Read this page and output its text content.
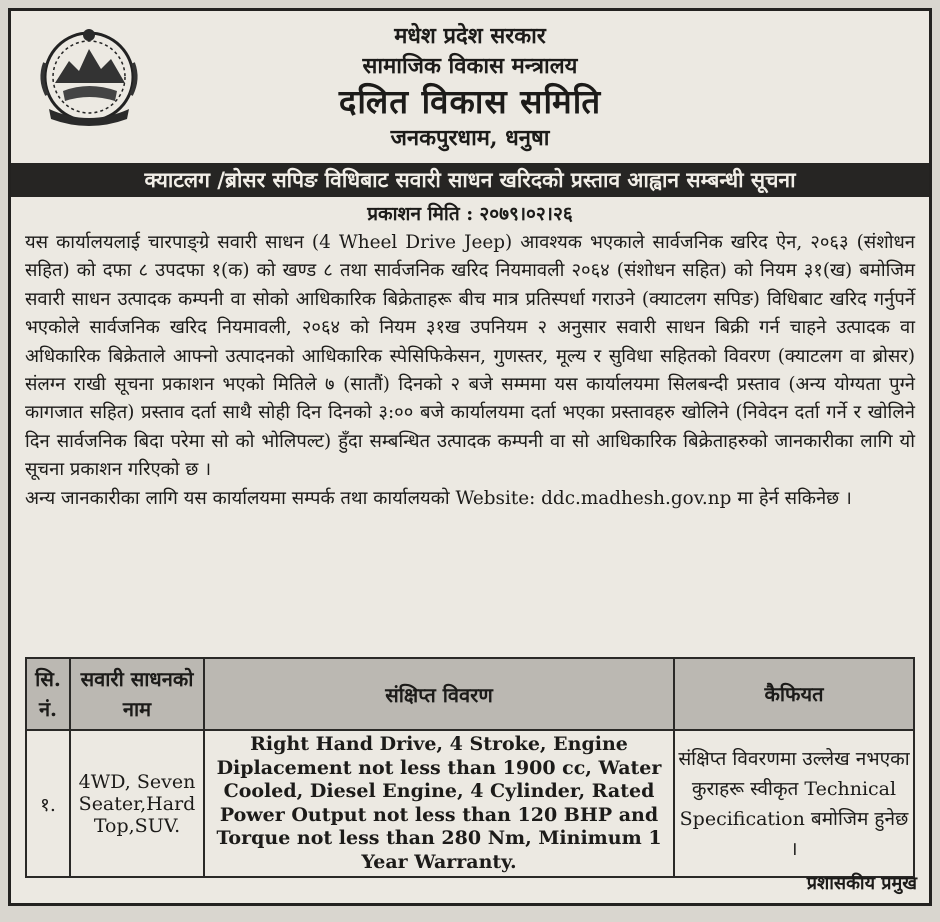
मधेश प्रदेश सरकार
सामाजिक विकास मन्त्रालय
दलित विकास समिति
जनकपुरधाम, धनुषा
क्याटलग /ब्रोसर सपिङ विधिबाट सवारी साधन खरिदको प्रस्ताव आह्वान सम्बन्धी सूचना
प्रकाशन मिति : २०७९।०२।२६

यस कार्यालयलाई चारपाङ्ग्रे सवारी साधन (4 Wheel Drive Jeep) आवश्यक भएकाले सार्वजनिक खरिद ऐन, २०६३ (संशोधन सहित) को दफा ८ उपदफा १(क) को खण्ड ८ तथा सार्वजनिक खरिद नियमावली २०६४ (संशोधन सहित) को नियम ३१(ख) बमोजिम सवारी साधन उत्पादक कम्पनी वा सोको आधिकारिक बिक्रेताहरू बीच मात्र प्रतिस्पर्धा गराउने (क्याटलग सपिङ) विधिबाट खरिद गर्नुपर्ने भएकोले सार्वजनिक खरिद नियमावली, २०६४ को नियम ३१ख उपनियम २ अनुसार सवारी साधन बिक्री गर्न चाहने उत्पादक वा अधिकारिक बिक्रेताले आफ्नो उत्पादनको आधिकारिक स्पेसिफिकेसन, गुणस्तर, मूल्य र सुविधा सहितको विवरण (क्याटलग वा ब्रोसर) संलग्न राखी सूचना प्रकाशन भएको मितिले ७ (सातौं) दिनको २ बजे सम्ममा यस कार्यालयमा सिलबन्दी प्रस्ताव (अन्य योग्यता पुग्ने कागजात सहित) प्रस्ताव दर्ता साथै सोही दिन दिनको ३:०० बजे कार्यालयमा दर्ता भएका प्रस्तावहरु खोलिने (निवेदन दर्ता गर्ने र खोलिने दिन सार्वजनिक बिदा परेमा सो को भोलिपल्ट) हुँदा सम्बन्धित उत्पादक कम्पनी वा सो आधिकारिक बिक्रेताहरुको जानकारीका लागि यो सूचना प्रकाशन गरिएको छ ।

अन्य जानकारीका लागि यस कार्यालयमा सम्पर्क तथा कार्यालयको Website: ddc.madhesh.gov.np मा हेर्न सकिनेछ ।

सि. नं.	सवारी साधनको नाम	संक्षिप्त विवरण	कैफियत
१.	4WD, Seven Seater,Hard Top,SUV.	Right Hand Drive, 4 Stroke, Engine Diplacement not less than 1900 cc, Water Cooled, Diesel Engine, 4 Cylinder, Rated Power Output not less than 120 BHP and Torque not less than 280 Nm, Minimum 1 Year Warranty.	संक्षिप्त विवरणमा उल्लेख नभएका कुराहरू स्वीकृत Technical Specification बमोजिम हुनेछ ।
प्रशासकीय प्रमुख
